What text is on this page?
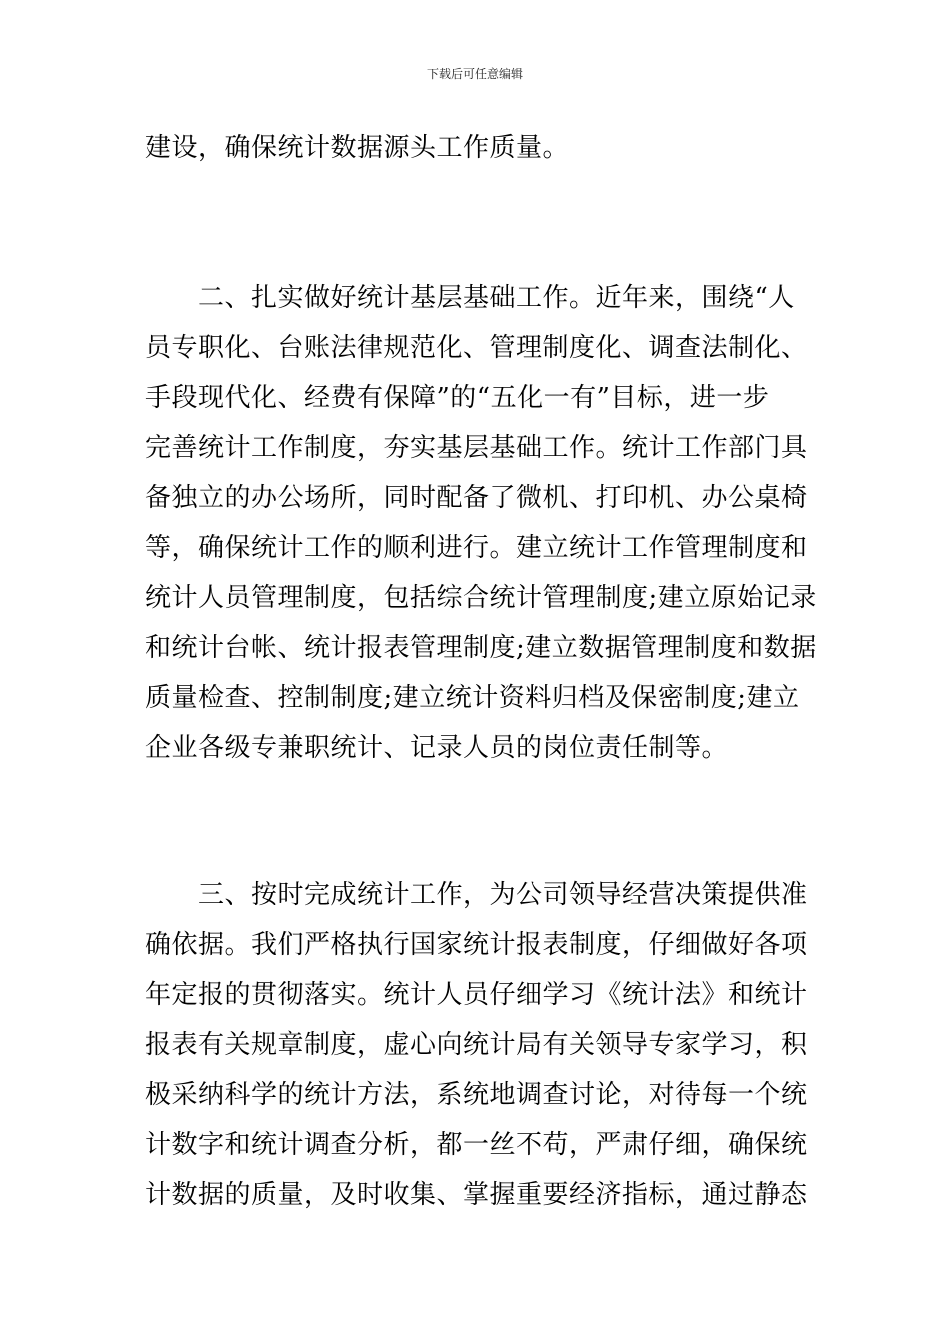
下载后可任意编辑
建设，确保统计数据源头工作质量。
　　二、扎实做好统计基层基础工作。近年来，围绕“人
员专职化、台账法律规范化、管理制度化、调查法制化、
手段现代化、经费有保障”的“五化一有”目标，进一步
完善统计工作制度，夯实基层基础工作。统计工作部门具
备独立的办公场所，同时配备了微机、打印机、办公桌椅
等，确保统计工作的顺利进行。建立统计工作管理制度和
统计人员管理制度，包括综合统计管理制度;建立原始记录
和统计台帐、统计报表管理制度;建立数据管理制度和数据
质量检查、控制制度;建立统计资料归档及保密制度;建立
企业各级专兼职统计、记录人员的岗位责任制等。
　　三、按时完成统计工作，为公司领导经营决策提供准
确依据。我们严格执行国家统计报表制度，仔细做好各项
年定报的贯彻落实。统计人员仔细学习《统计法》和统计
报表有关规章制度，虚心向统计局有关领导专家学习，积
极采纳科学的统计方法，系统地调查讨论，对待每一个统
计数字和统计调查分析，都一丝不苟，严肃仔细，确保统
计数据的质量，及时收集、掌握重要经济指标，通过静态
